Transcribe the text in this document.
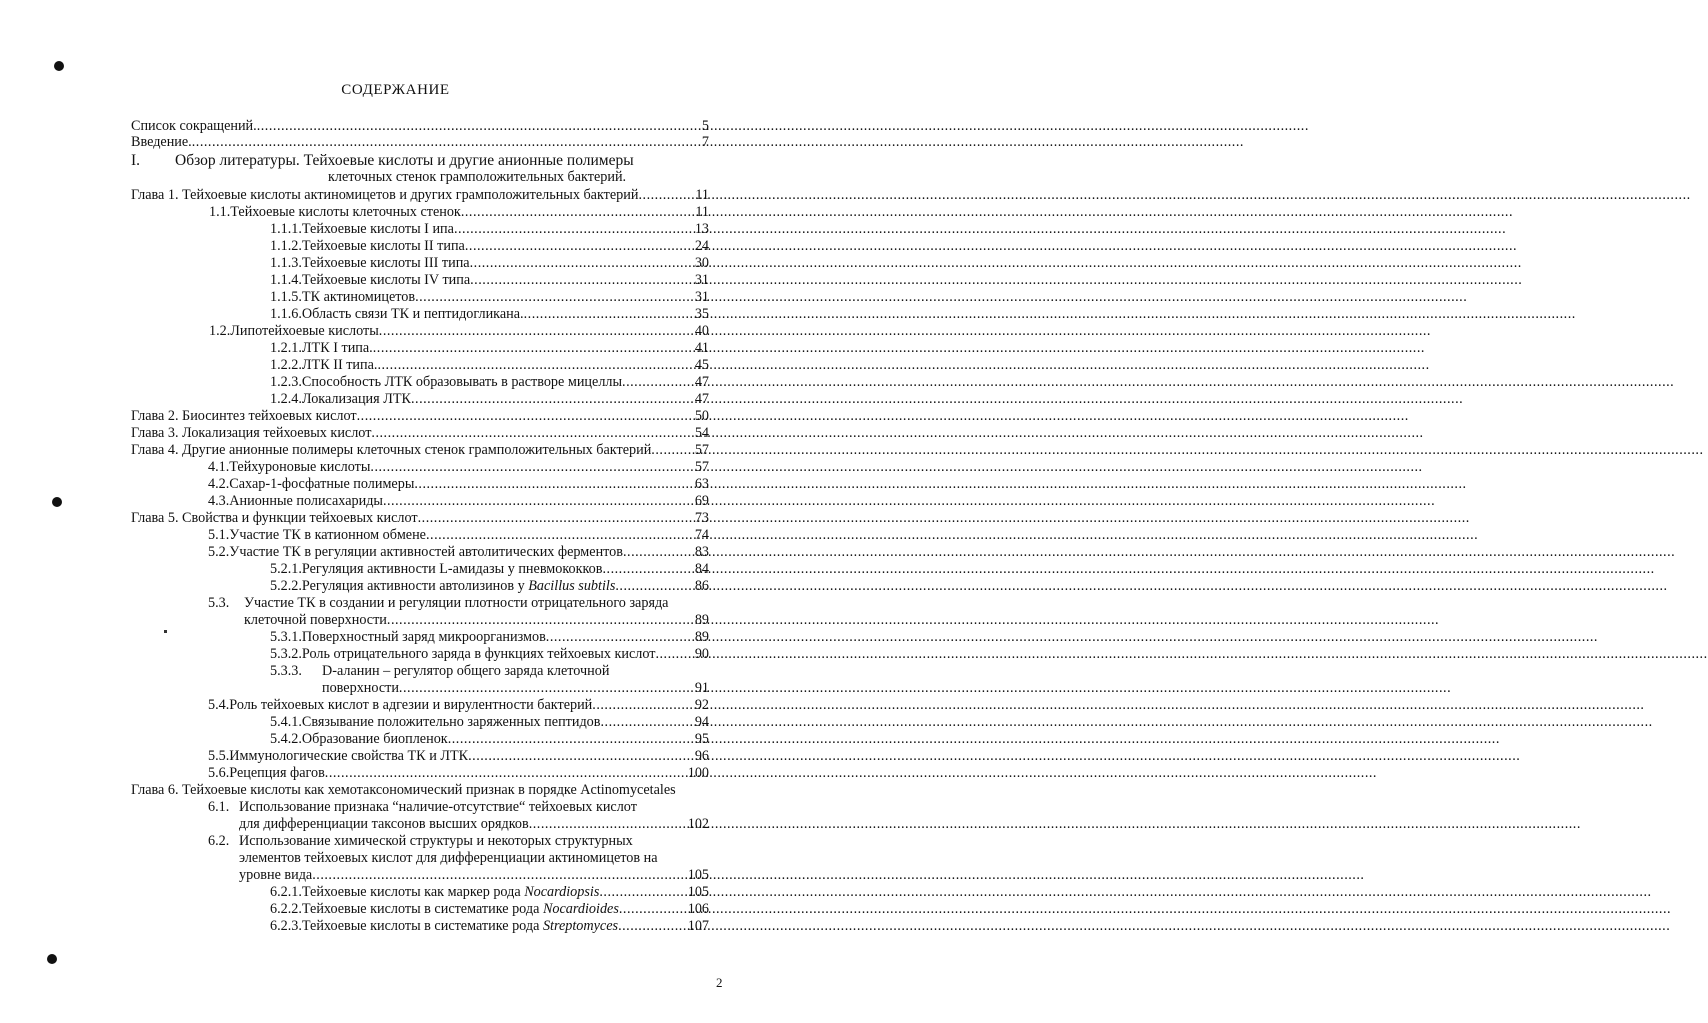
СОДЕРЖАНИЕ
Список сокращений. .....	5
Введение. .....	7
I. Обзор литературы. Тейхоевые кислоты и другие анионные полимеры
клеточных стенок грамположительных бактерий.
Глава 1. Тейхоевые кислоты актиномицетов и других грамположительных бактерий .....	11
1.1. Тейхоевые кислоты клеточных стенок .....	11
1.1.1. Тейхоевые кислоты I ипа .....	13
1.1.2. Тейхоевые кислоты II типа .....	24
1.1.3. Тейхоевые кислоты III типа .....	30
1.1.4. Тейхоевые кислоты IV типа .....	31
1.1.5. ТК актиномицетов .....	31
1.1.6. Область связи ТК и пептидогликана. .....	35
1.2. Липотейхоевые кислоты .....	40
1.2.1. ЛТК I типа. .....	41
1.2.2. ЛТК II типа. .....	45
1.2.3. Способность ЛТК образовывать в растворе мицеллы .....	47
1.2.4. Локализация ЛТК .....	47
Глава 2. Биосинтез тейхоевых кислот .....	50
Глава 3. Локализация тейхоевых кислот .....	54
Глава 4. Другие анионные полимеры клеточных стенок грамположительных бактерий .....	57
4.1. Тейхуроновые кислоты .....	57
4.2. Сахар-1-фосфатные полимеры .....	63
4.3. Анионные полисахариды .....	69
Глава 5. Свойства и функции тейхоевых кислот .....	73
5.1. Участие ТК в катионном обмене .....	74
5.2. Участие ТК в регуляции активностей автолитических ферментов .....	83
5.2.1. Регуляция активности L-амидазы у пневмококков .....	84
5.2.2. Регуляция активности автолизинов у Bacillus subtils .....	86
5.3. Участие ТК в создании и регуляции плотности отрицательного заряда
клеточной поверхности .....	89
5.3.1. Поверхностный заряд микроорганизмов .....	89
5.3.2. Роль отрицательного заряда в функциях тейхоевых кислот .....	90
5.3.3. D-аланин – регулятор общего заряда клеточной
поверхности .....	91
5.4. Роль тейхоевых кислот в адгезии и вирулентности бактерий .....	92
5.4.1. Связывание положительно заряженных пептидов .....	94
5.4.2. Образование биопленок .....	95
5.5. Иммунологические свойства ТК и ЛТК .....	96
5.6. Рецепция фагов .....	100
Глава 6. Тейхоевые кислоты как хемотаксономический признак в порядке Actinomycetales
6.1. Использование признака “наличие-отсутствие“ тейхоевых кислот
для дифференциации таксонов высших орядков .....	102
6.2. Использование химической структуры и некоторых структурных
элементов тейхоевых кислот для дифференциации актиномицетов на
уровне вида .....	105
6.2.1. Тейхоевые кислоты как маркер рода Nocardiopsis .....	105
6.2.2. Тейхоевые кислоты в систематике рода Nocardioides .....	106
6.2.3. Тейхоевые кислоты в систематике рода Streptomyces .....	107
2
